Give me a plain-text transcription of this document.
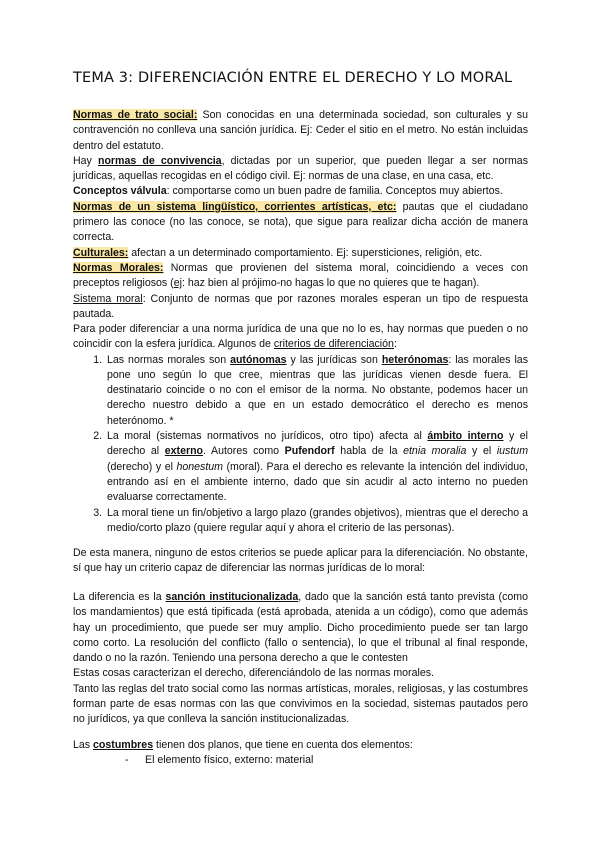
TEMA 3: DIFERENCIACIÓN ENTRE EL DERECHO Y LO MORAL

Normas de trato social: Son conocidas en una determinada sociedad, son culturales y su contravención no conlleva una sanción jurídica. Ej: Ceder el sitio en el metro. No están incluidas dentro del estatuto.

Hay normas de convivencia, dictadas por un superior, que pueden llegar a ser normas jurídicas, aquellas recogidas en el código civil. Ej: normas de una clase, en una casa, etc.

Conceptos válvula: comportarse como un buen padre de familia. Conceptos muy abiertos.

Normas de un sistema lingüístico, corrientes artísticas, etc: pautas que el ciudadano primero las conoce (no las conoce, se nota), que sigue para realizar dicha acción de manera correcta.

Culturales: afectan a un determinado comportamiento. Ej: supersticiones, religión, etc.

Normas Morales: Normas que provienen del sistema moral, coincidiendo a veces con preceptos religiosos (ej: haz bien al prójimo-no hagas lo que no quieres que te hagan).

Sistema moral: Conjunto de normas que por razones morales esperan un tipo de respuesta pautada.

Para poder diferenciar a una norma jurídica de una que no lo es, hay normas que pueden o no coincidir con la esfera jurídica. Algunos de criterios de diferenciación:

1. Las normas morales son autónomas y las jurídicas son heterónomas: las morales las pone uno según lo que cree, mientras que las jurídicas vienen desde fuera. El destinatario coincide o no con el emisor de la norma. No obstante, podemos hacer un derecho nuestro debido a que en un estado democrático el derecho es menos heterónomo. *
2. La moral (sistemas normativos no jurídicos, otro tipo) afecta al ámbito interno y el derecho al externo. Autores como Pufendorf habla de la etnia moralia y el iustum (derecho) y el honestum (moral). Para el derecho es relevante la intención del individuo, entrando así en el ambiente interno, dado que sin acudir al acto interno no pueden evaluarse correctamente.
3. La moral tiene un fin/objetivo a largo plazo (grandes objetivos), mientras que el derecho a medio/corto plazo (quiere regular aquí y ahora el criterio de las personas).

De esta manera, ninguno de estos criterios se puede aplicar para la diferenciación. No obstante, sí que hay un criterio capaz de diferenciar las normas jurídicas de lo moral:

La diferencia es la sanción institucionalizada, dado que la sanción está tanto prevista (como los mandamientos) que está tipificada (está aprobada, atenida a un código), como que además hay un procedimiento, que puede ser muy amplio. Dicho procedimiento puede ser tan largo como corto. La resolución del conflicto (fallo o sentencia), lo que el tribunal al final responde, dando o no la razón. Teniendo una persona derecho a que le contesten

Estas cosas caracterizan el derecho, diferenciándolo de las normas morales.

Tanto las reglas del trato social como las normas artísticas, morales, religiosas, y las costumbres forman parte de esas normas con las que convivimos en la sociedad, sistemas pautados pero no jurídicos, ya que conlleva la sanción institucionalizadas.

Las costumbres tienen dos planos, que tiene en cuenta dos elementos:

- El elemento físico, externo: material
